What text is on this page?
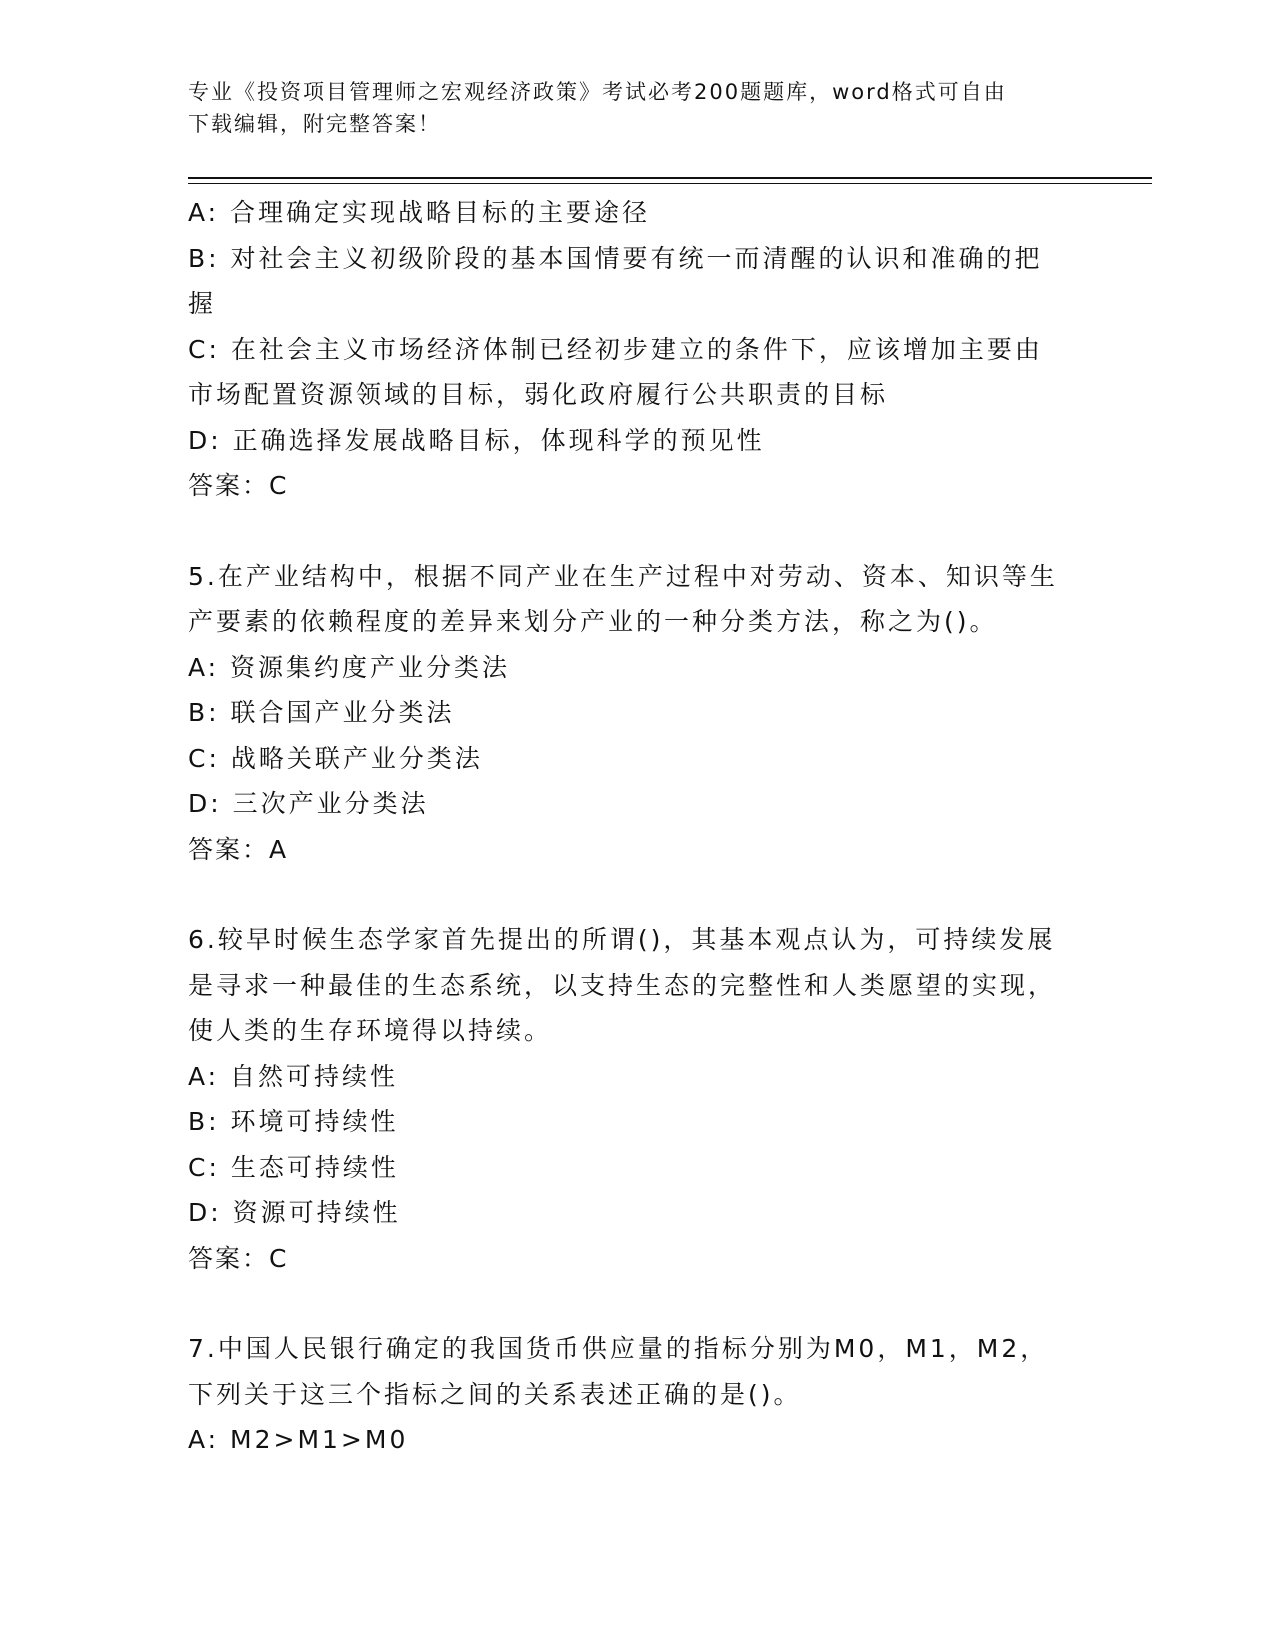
专业《投资项目管理师之宏观经济政策》考试必考200题题库，word格式可自由
下载编辑，附完整答案！

A: 合理确定实现战略目标的主要途径

B: 对社会主义初级阶段的基本国情要有统一而清醒的认识和准确的把握

C: 在社会主义市场经济体制已经初步建立的条件下，应该增加主要由市场配置资源领域的目标，弱化政府履行公共职责的目标

D: 正确选择发展战略目标，体现科学的预见性

答案：C

5.在产业结构中，根据不同产业在生产过程中对劳动、资本、知识等生产要素的依赖程度的差异来划分产业的一种分类方法，称之为()。

A: 资源集约度产业分类法

B: 联合国产业分类法

C: 战略关联产业分类法

D: 三次产业分类法

答案：A

6.较早时候生态学家首先提出的所谓()，其基本观点认为，可持续发展是寻求一种最佳的生态系统，以支持生态的完整性和人类愿望的实现，使人类的生存环境得以持续。

A: 自然可持续性

B: 环境可持续性

C: 生态可持续性

D: 资源可持续性

答案：C

7.中国人民银行确定的我国货币供应量的指标分别为M0，M1，M2，下列关于这三个指标之间的关系表述正确的是()。

A: M2>M1>M0
